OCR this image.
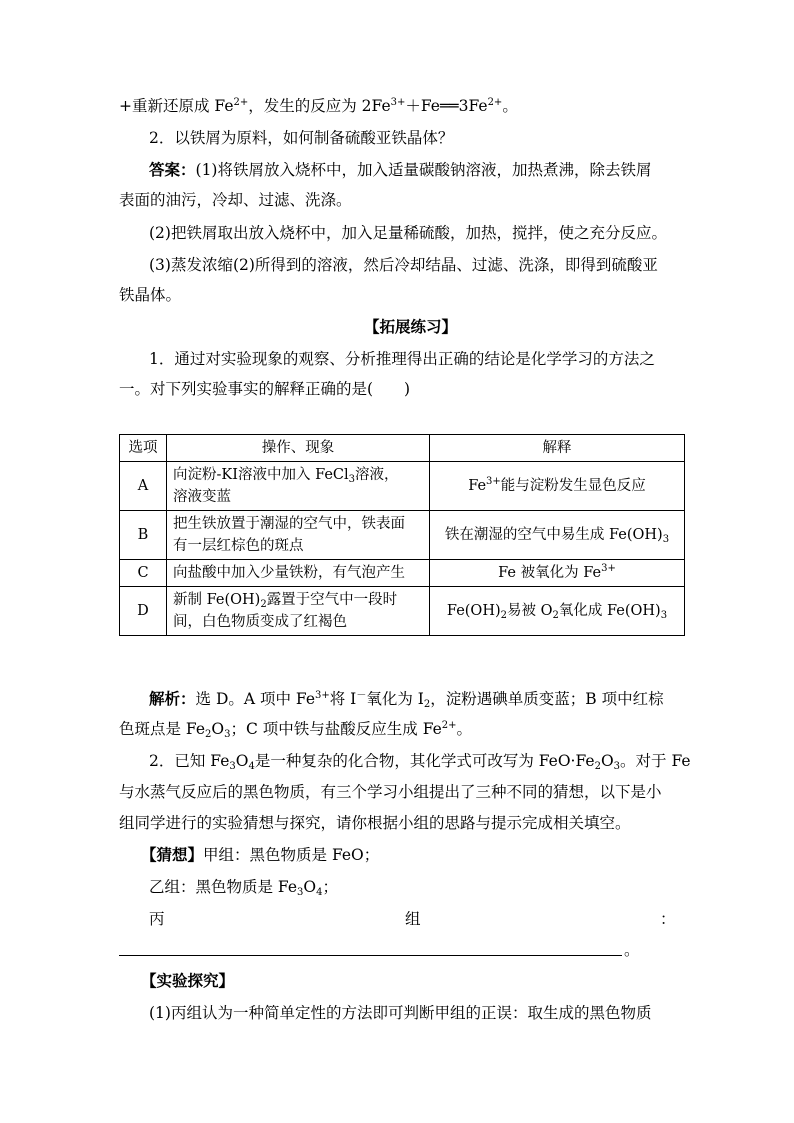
+重新还原成 $Fe^{2+}$，发生的反应为 $2Fe^{3+}+Fe══3Fe^{2+}$。
2．以铁屑为原料，如何制备硫酸亚铁晶体？
答案：(1)将铁屑放入烧杯中，加入适量碳酸钠溶液，加热煮沸，除去铁屑
表面的油污，冷却、过滤、洗涤。
(2)把铁屑取出放入烧杯中，加入足量稀硫酸，加热，搅拌，使之充分反应。
(3)蒸发浓缩(2)所得到的溶液，然后冷却结晶、过滤、洗涤，即得到硫酸亚
铁晶体。
【拓展练习】
1．通过对实验现象的观察、分析推理得出正确的结论是化学学习的方法之
一。对下列实验事实的解释正确的是(　　)
选项	操作、现象	解释
A	向淀粉-KI溶液中加入 FeCl$_3$溶液，
溶液变蓝	$Fe^{3+}$能与淀粉发生显色反应
B	把生铁放置于潮湿的空气中，铁表面
有一层红棕色的斑点	铁在潮湿的空气中易生成 $Fe(OH)_3$
C	向盐酸中加入少量铁粉，有气泡产生	Fe 被氧化为 $Fe^{3+}$
D	新制 $Fe(OH)_2$露置于空气中一段时
间，白色物质变成了红褐色	$Fe(OH)_2$易被 $O_2$氧化成 $Fe(OH)_3$
解析：选 D。A 项中 $Fe^{3+}$将 I－氧化为 $I_2$，淀粉遇碘单质变蓝；B 项中红棕
色斑点是 $Fe_2O_3$；C 项中铁与盐酸反应生成 $Fe^{2+}$。
2．已知 $Fe_3O_4$是一种复杂的化合物，其化学式可改写为 $FeO\cdot Fe_2O_3$。对于 Fe
与水蒸气反应后的黑色物质，有三个学习小组提出了三种不同的猜想，以下是小
组同学进行的实验猜想与探究，请你根据小组的思路与提示完成相关填空。
【猜想】甲组：黑色物质是 FeO；
乙组：黑色物质是 $Fe_3O_4$；
丙	组	：
。
【实验探究】
(1)丙组认为一种简单定性的方法即可判断甲组的正误：取生成的黑色物质
